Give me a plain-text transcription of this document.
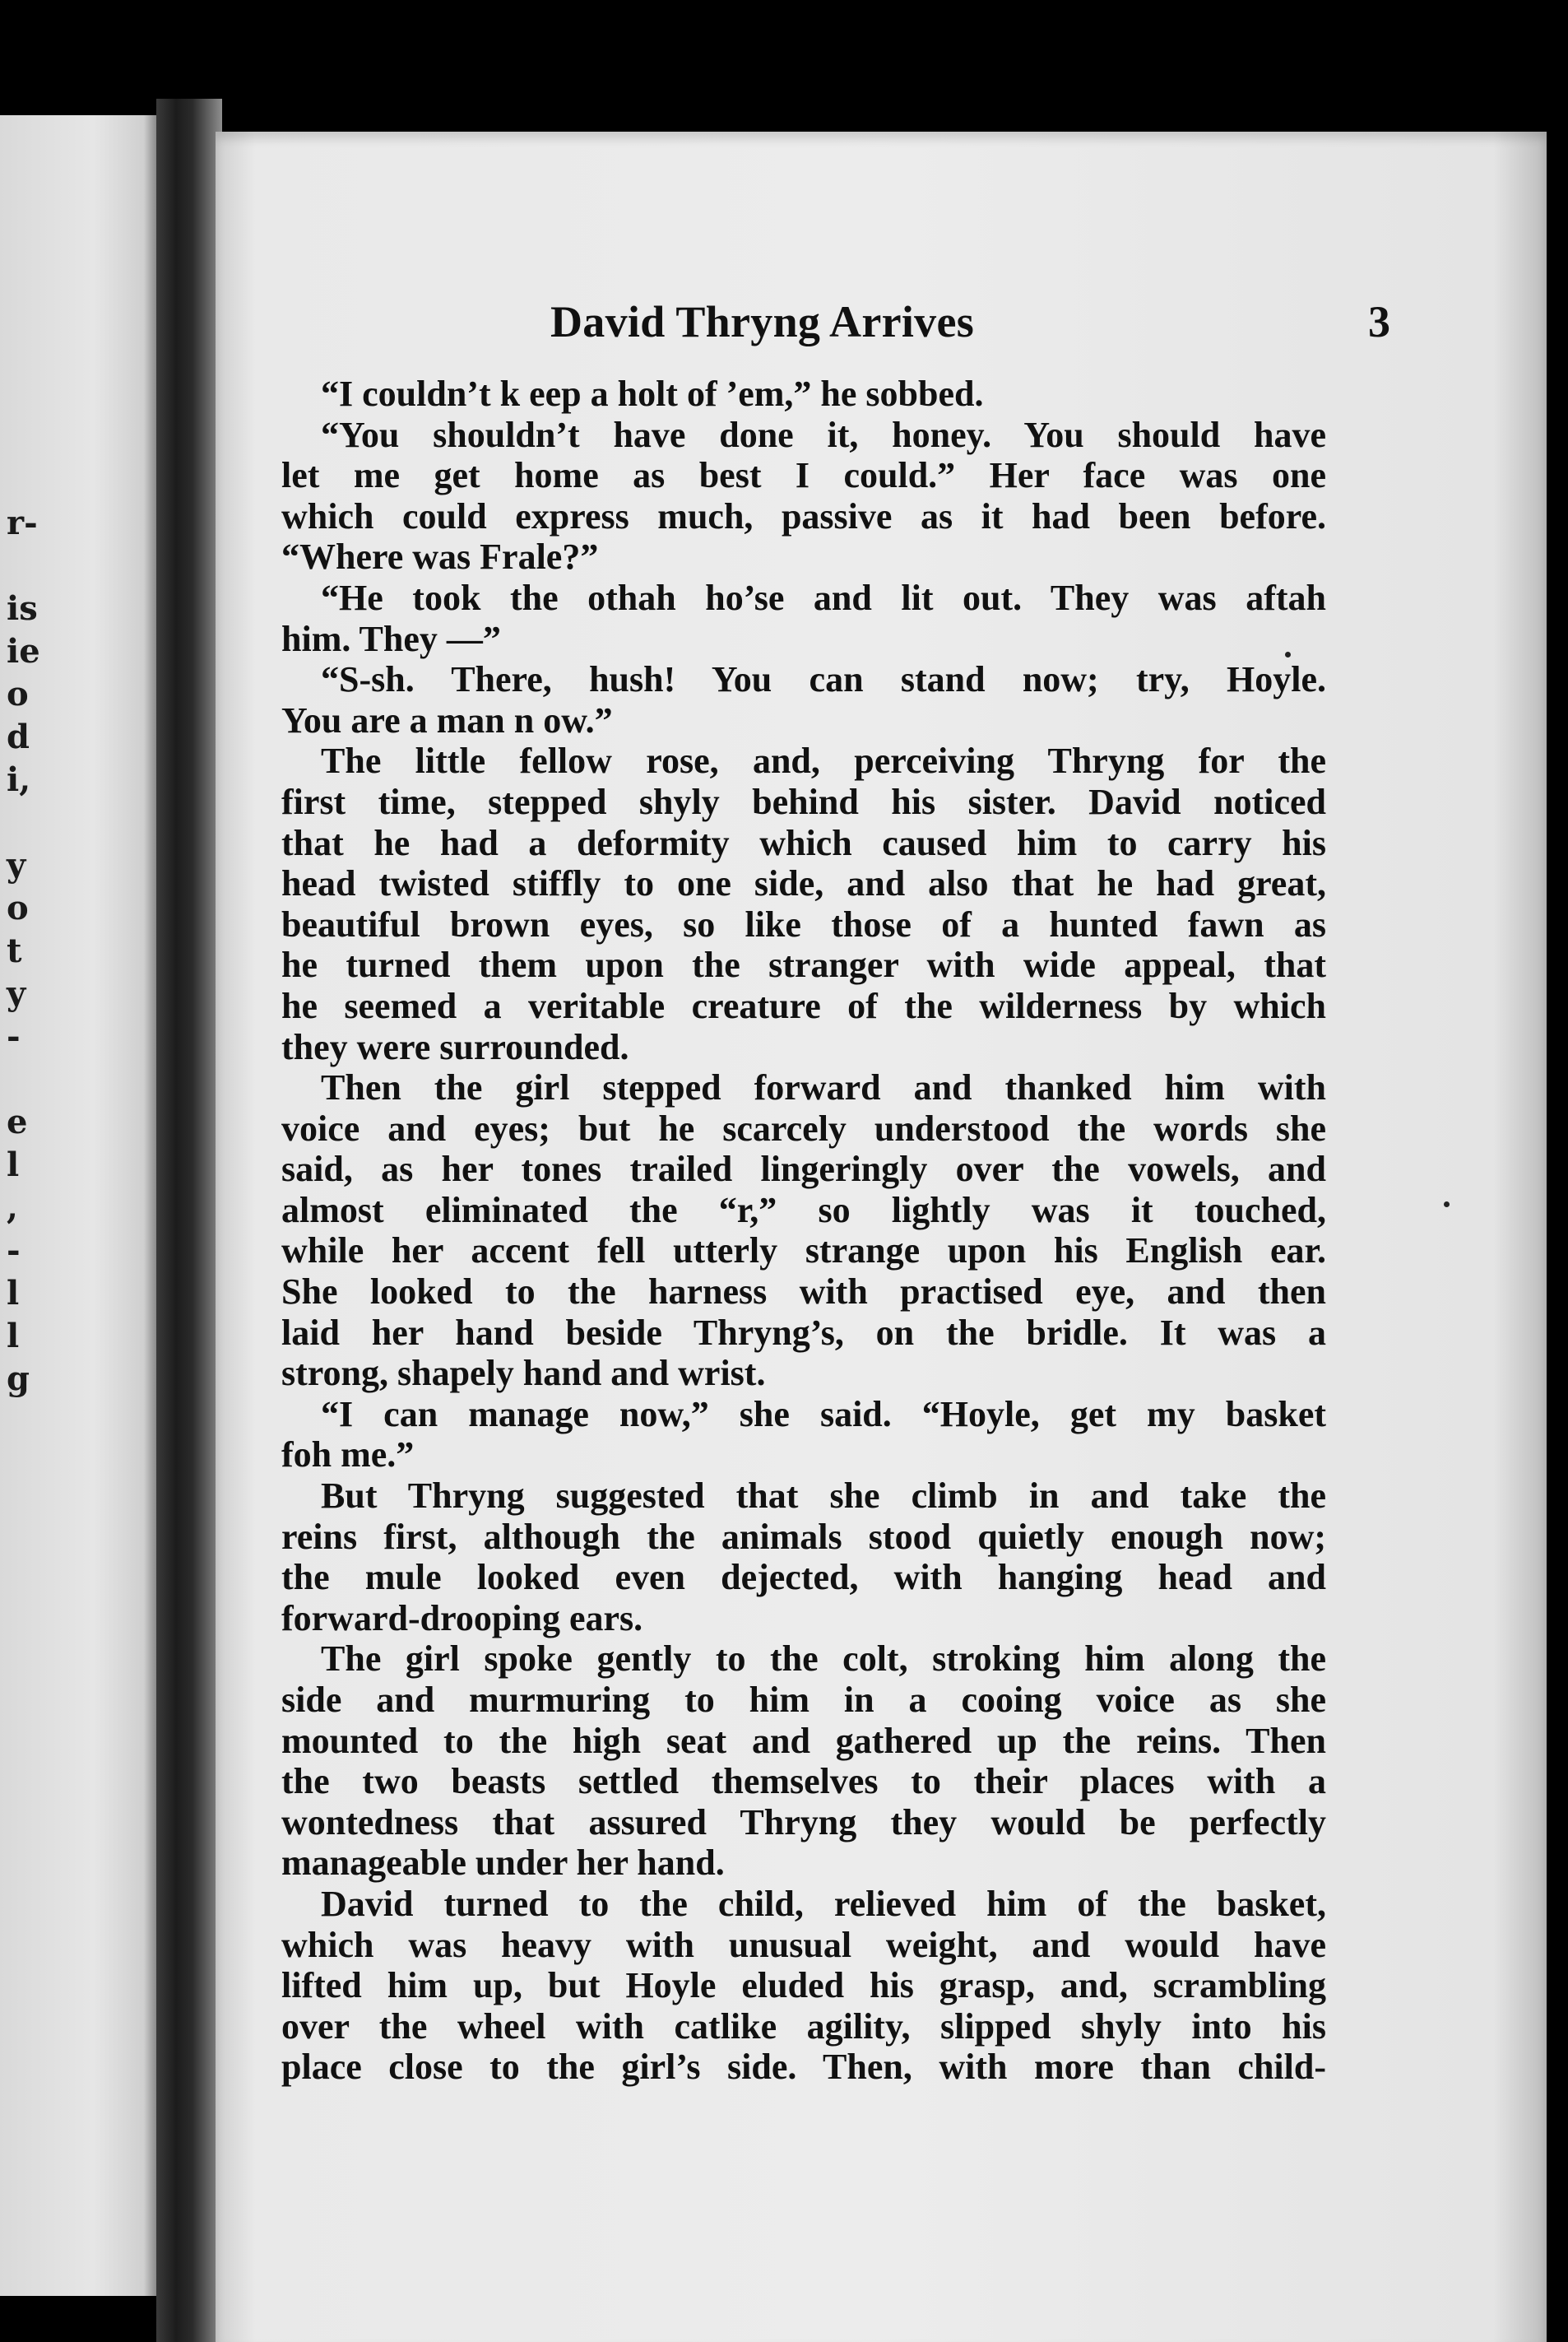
r-
is
ie
o
d
i,
y
o
t
y
-
e
l
,
-
l
l
g
David Thryng Arrives	3
“I couldn’t k eep a holt of ’em,” he sobbed.
“You shouldn’t have done it, honey. You should have
let me get home as best I could.” Her face was one
which could express much, passive as it had been before.
“Where was Frale?”
“He took the othah ho’se and lit out. They was aftah
him. They —”
“S-sh. There, hush! You can stand now; try, Hoyle.
You are a man n ow.”
The little fellow rose, and, perceiving Thryng for the
first time, stepped shyly behind his sister. David noticed
that he had a deformity which caused him to carry his
head twisted stiffly to one side, and also that he had great,
beautiful brown eyes, so like those of a hunted fawn as
he turned them upon the stranger with wide appeal, that
he seemed a veritable creature of the wilderness by which
they were surrounded.
Then the girl stepped forward and thanked him with
voice and eyes; but he scarcely understood the words she
said, as her tones trailed lingeringly over the vowels, and
almost eliminated the “r,” so lightly was it touched,
while her accent fell utterly strange upon his English ear.
She looked to the harness with practised eye, and then
laid her hand beside Thryng’s, on the bridle. It was a
strong, shapely hand and wrist.
“I can manage now,” she said. “Hoyle, get my basket
foh me.”
But Thryng suggested that she climb in and take the
reins first, although the animals stood quietly enough now;
the mule looked even dejected, with hanging head and
forward-drooping ears.
The girl spoke gently to the colt, stroking him along the
side and murmuring to him in a cooing voice as she
mounted to the high seat and gathered up the reins. Then
the two beasts settled themselves to their places with a
wontedness that assured Thryng they would be perfectly
manageable under her hand.
David turned to the child, relieved him of the basket,
which was heavy with unusual weight, and would have
lifted him up, but Hoyle eluded his grasp, and, scrambling
over the wheel with catlike agility, slipped shyly into his
place close to the girl’s side. Then, with more than child-
